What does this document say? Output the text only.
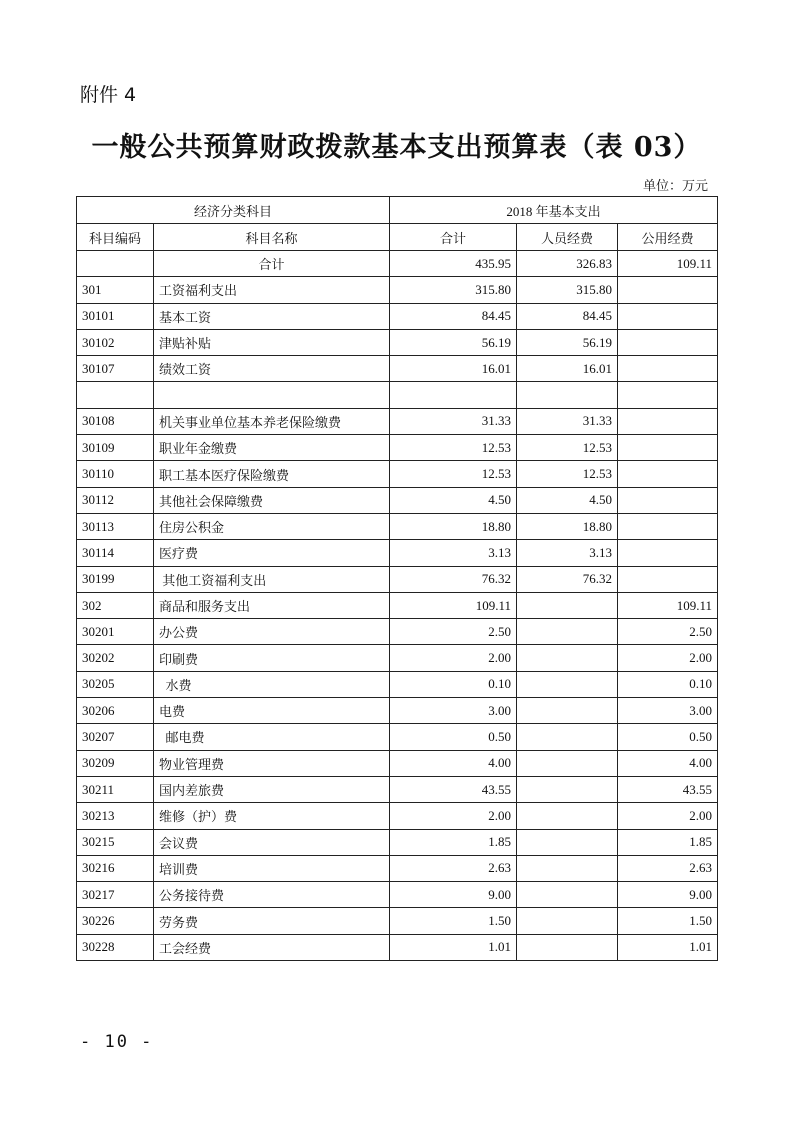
附件 4
一般公共预算财政拨款基本支出预算表（表 03）
单位：万元
经济分类科目		2018 年基本支出		
科目编码	科目名称	合计	人员经费	公用经费
	合计	435.95	326.83	109.11
301	工资福利支出	315.80	315.80	
30101	基本工资	84.45	84.45	
30102	津贴补贴	56.19	56.19	
30107	绩效工资	16.01	16.01	

30108	机关事业单位基本养老保险缴费	31.33	31.33	
30109	职业年金缴费	12.53	12.53	
30110	职工基本医疗保险缴费	12.53	12.53	
30112	其他社会保障缴费	4.50	4.50	
30113	住房公积金	18.80	18.80	
30114	医疗费	3.13	3.13	
30199	其他工资福利支出	76.32	76.32	
302	商品和服务支出	109.11		109.11
30201	办公费	2.50		2.50
30202	印刷费	2.00		2.00
30205	水费	0.10		0.10
30206	电费	3.00		3.00
30207	邮电费	0.50		0.50
30209	物业管理费	4.00		4.00
30211	国内差旅费	43.55		43.55
30213	维修（护）费	2.00		2.00
30215	会议费	1.85		1.85
30216	培训费	2.63		2.63
30217	公务接待费	9.00		9.00
30226	劳务费	1.50		1.50
30228	工会经费	1.01		1.01
- 10 -
